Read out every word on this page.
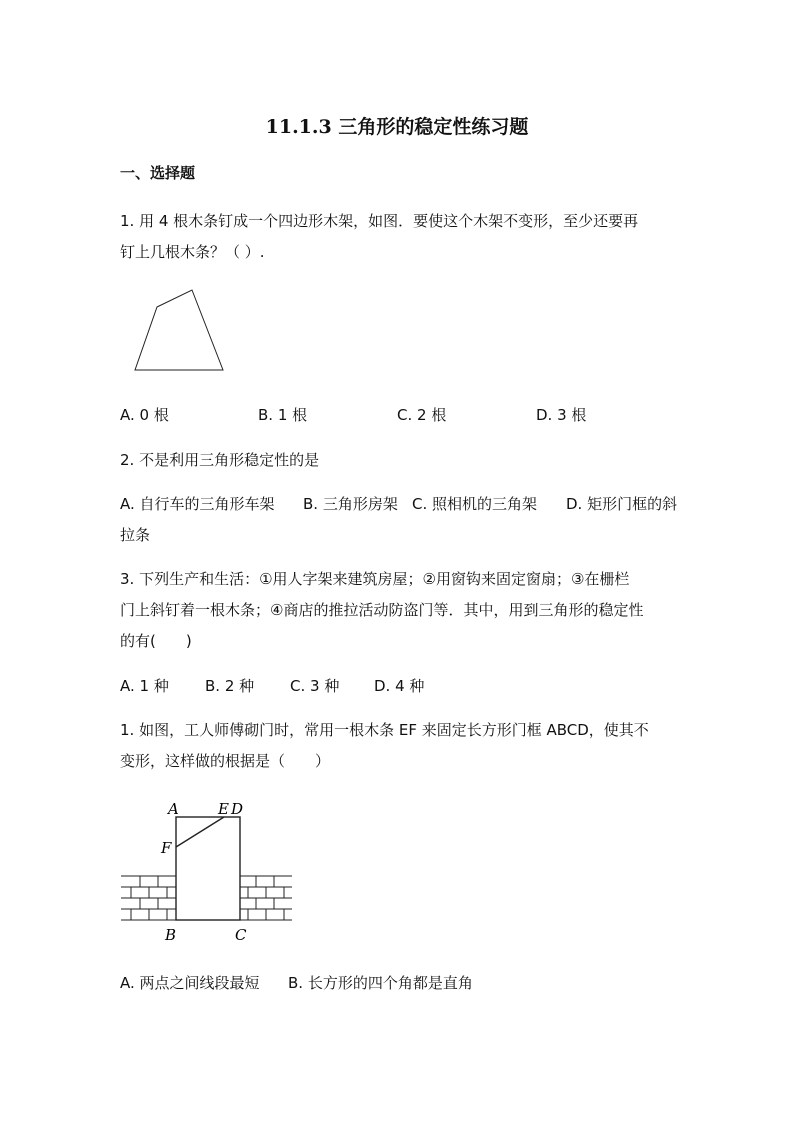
11.1.3 三角形的稳定性练习题
一、选择题
1. 用 4 根木条钉成一个四边形木架，如图．要使这个木架不变形，至少还要再
钉上几根木条？（ ）.
A. 0 根	B. 1 根	C. 2 根	D. 3 根
2. 不是利用三角形稳定性的是
A. 自行车的三角形车架 B. 三角形房架 C. 照相机的三角架 D. 矩形门框的斜
拉条
3. 下列生产和生活：①用人字架来建筑房屋；②用窗钩来固定窗扇；③在栅栏
门上斜钉着一根木条；④商店的推拉活动防盗门等．其中，用到三角形的稳定性
的有(　　)
A. 1 种 B. 2 种 C. 3 种 D. 4 种
1. 如图，工人师傅砌门时，常用一根木条 EF 来固定长方形门框 ABCD，使其不
变形，这样做的根据是（　　）
A	E D
F
B	C
A. 两点之间线段最短 B. 长方形的四个角都是直角
